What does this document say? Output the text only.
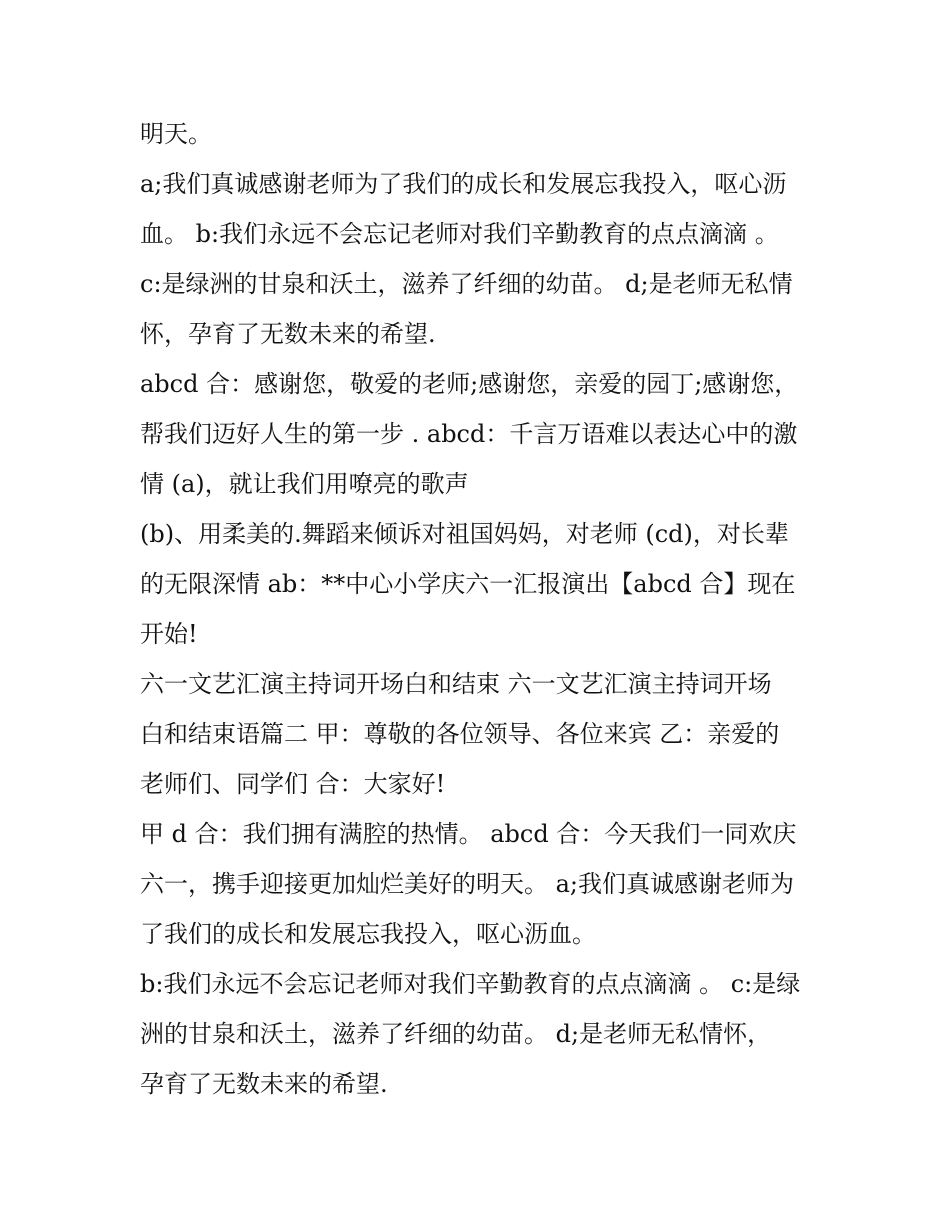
明天。
a;我们真诚感谢老师为了我们的成长和发展忘我投入，呕心沥
血。 b:我们永远不会忘记老师对我们辛勤教育的点点滴滴 。
c:是绿洲的甘泉和沃土，滋养了纤细的幼苗。 d;是老师无私情
怀，孕育了无数未来的希望.
abcd 合：感谢您，敬爱的老师;感谢您，亲爱的园丁;感谢您，
帮我们迈好人生的第一步 . abcd：千言万语难以表达心中的激
情 (a)，就让我们用嘹亮的歌声
(b)、用柔美的.舞蹈来倾诉对祖国妈妈，对老师 (cd)，对长辈
的无限深情 ab：**中心小学庆六一汇报演出【abcd 合】现在
开始!
六一文艺汇演主持词开场白和结束 六一文艺汇演主持词开场
白和结束语篇二 甲：尊敬的各位领导、各位来宾 乙：亲爱的
老师们、同学们 合：大家好!
甲 d 合：我们拥有满腔的热情。 abcd 合：今天我们一同欢庆
六一，携手迎接更加灿烂美好的明天。 a;我们真诚感谢老师为
了我们的成长和发展忘我投入，呕心沥血。
b:我们永远不会忘记老师对我们辛勤教育的点点滴滴 。 c:是绿
洲的甘泉和沃土，滋养了纤细的幼苗。 d;是老师无私情怀，
孕育了无数未来的希望.
